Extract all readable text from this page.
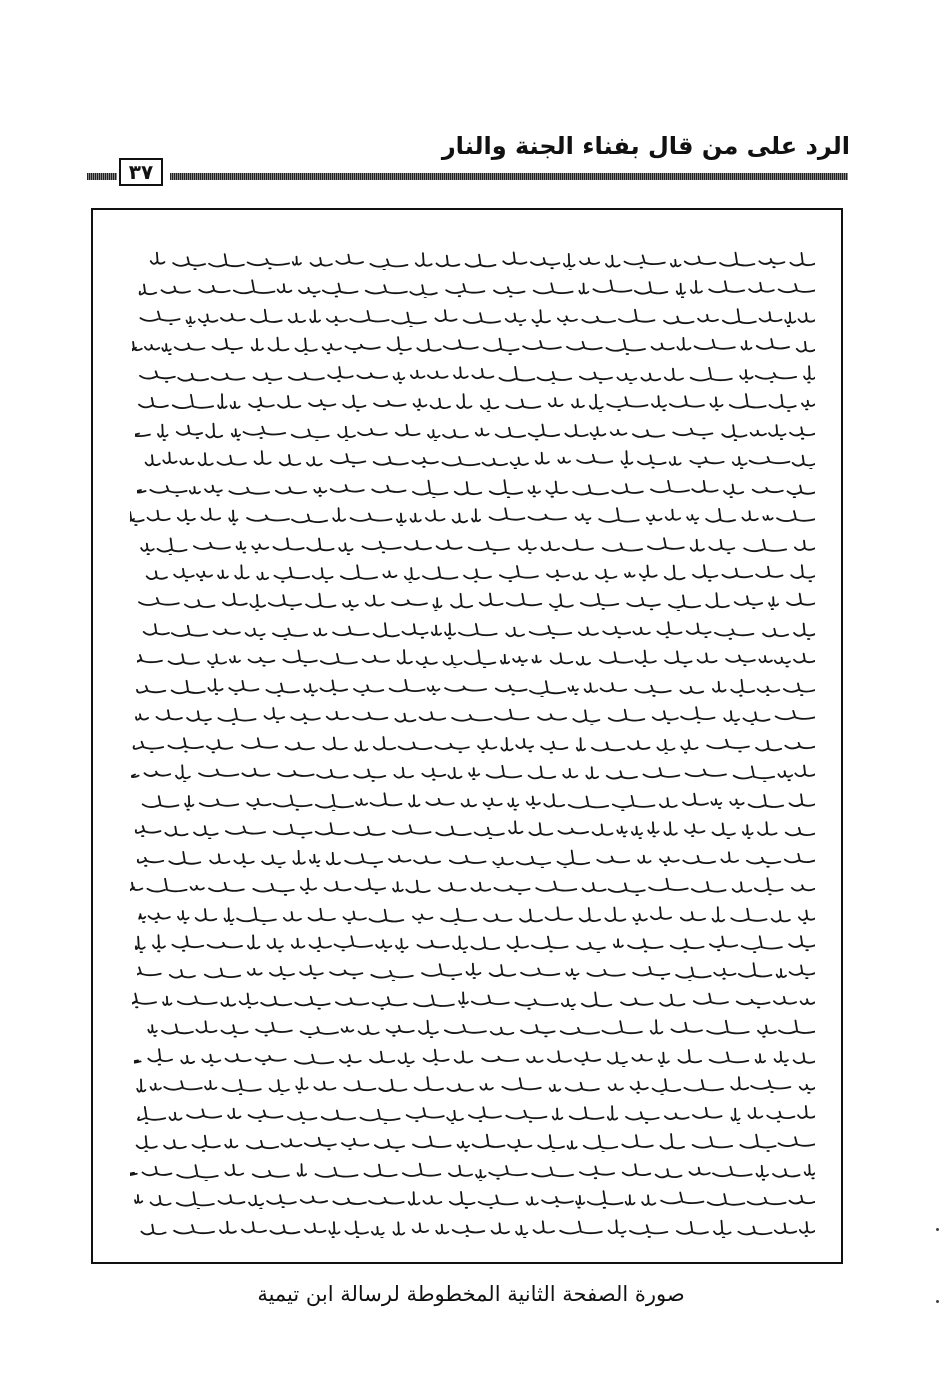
الرد على من قال بفناء الجنة والنار
٣٧
صورة الصفحة الثانية المخطوطة لرسالة ابن تيمية
